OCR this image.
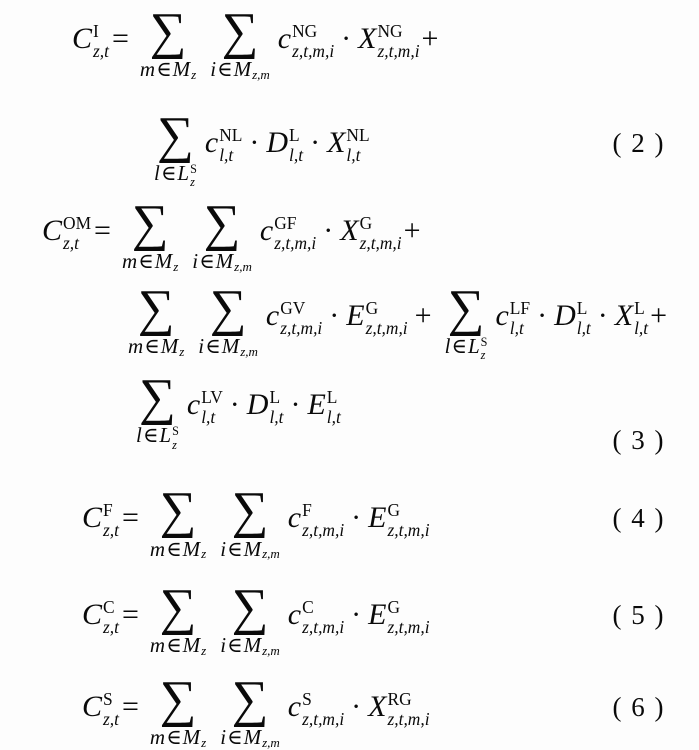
C I
z,t = ∑
m∈Mz
∑
i∈Mz,m
c NG
z,t,m,i · X NG
z,t,m,i +
∑
l∈L S
z
c NL
l,t · D L
l,t · X NL
l,t	( 2 )
C OM
z,t = ∑
m∈Mz
∑
i∈Mz,m
c GF
z,t,m,i · X G
z,t,m,i +
∑
m∈Mz
∑
i∈Mz,m
c GV
z,t,m,i · E G
z,t,m,i + ∑
l∈L S
z
c LF
l,t · D L
l,t · X L
l,t +
∑
l∈L S
z
c LV
l,t · D L
l,t · E L
l,t
( 3 )
C F
z,t = ∑
m∈Mz
∑
i∈Mz,m
c F
z,t,m,i · E G
z,t,m,i	( 4 )
C C
z,t = ∑
m∈Mz
∑
i∈Mz,m
c C
z,t,m,i · E G
z,t,m,i	( 5 )
C S
z,t = ∑
m∈Mz
∑
i∈Mz,m
c S
z,t,m,i · X RG
z,t,m,i	( 6 )
